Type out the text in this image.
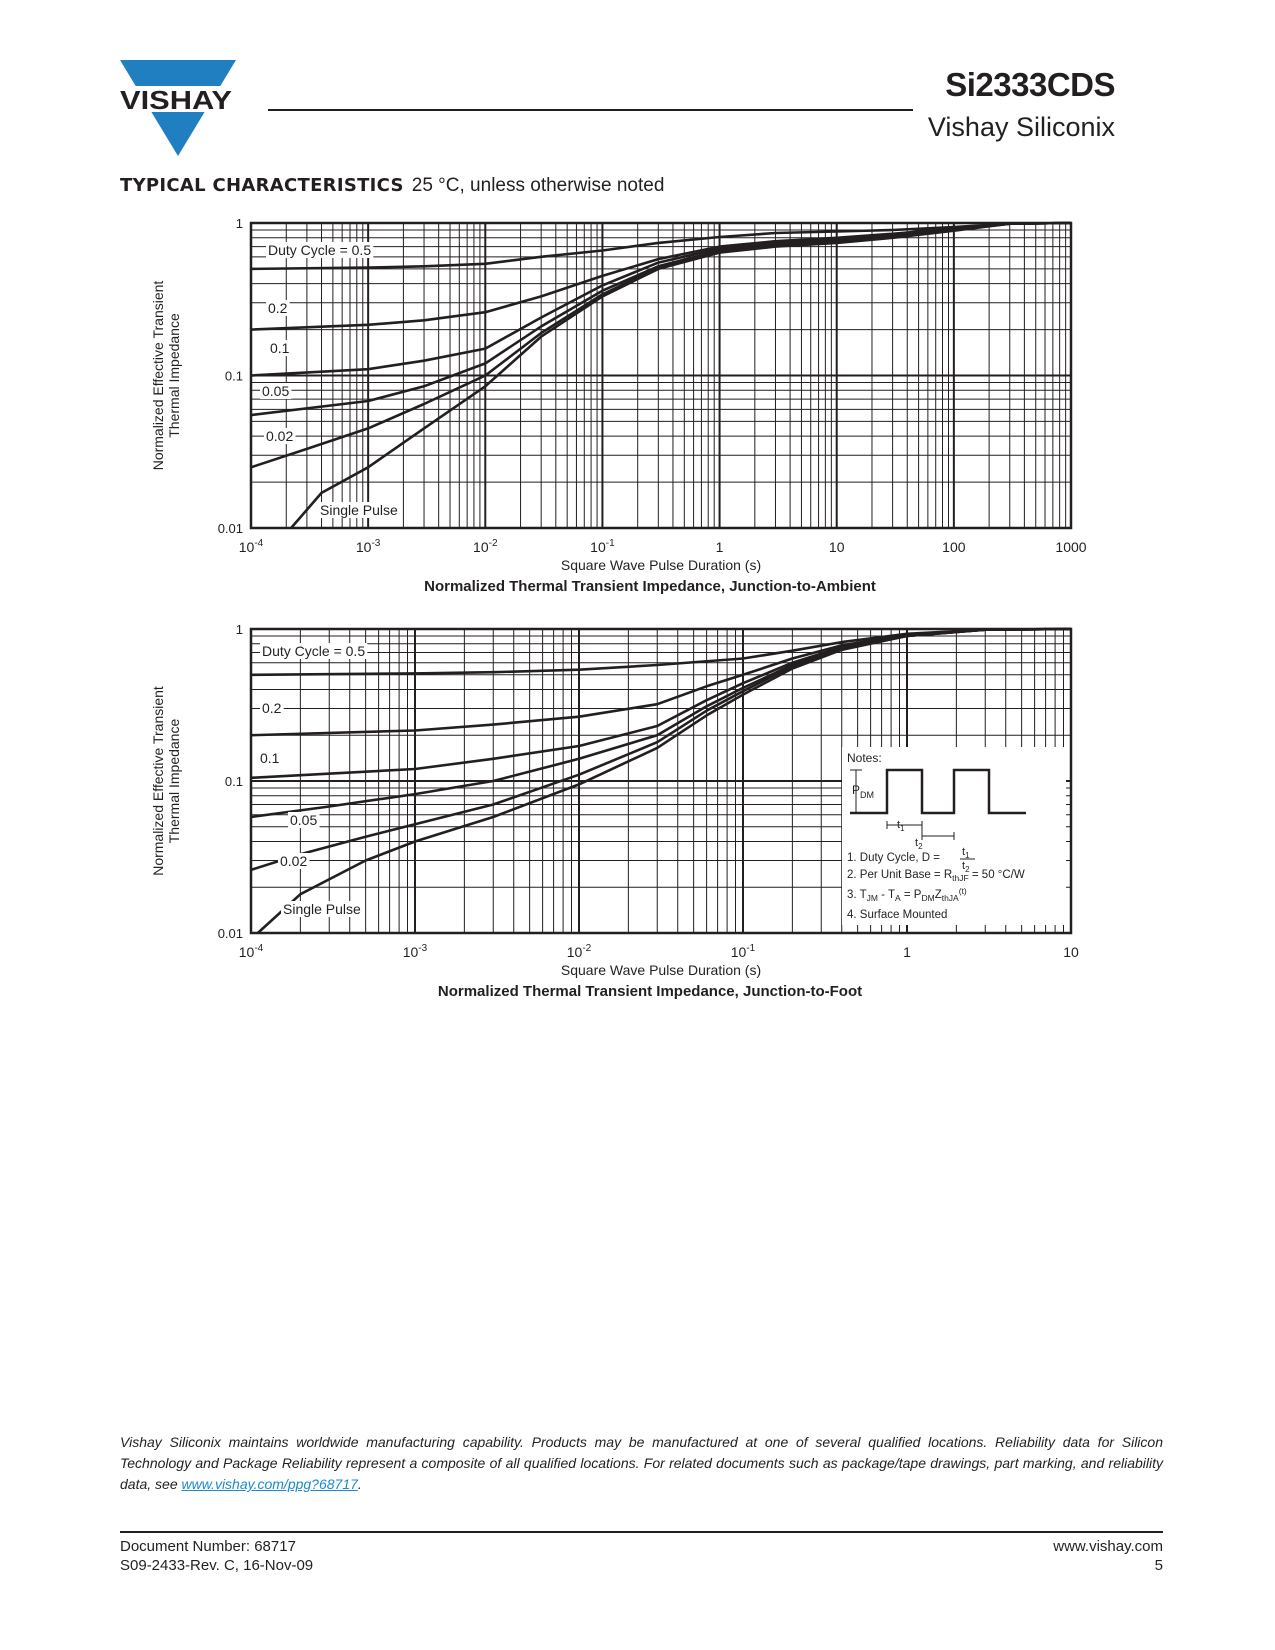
VISHAY	Si2333CDS
Vishay Siliconix
TYPICAL CHARACTERISTICS 25 °C, unless otherwise noted
Duty Cycle = 0.5
0.2
0.1
0.05
0.02
Single Pulse
$10^{-4}$	$10^{-3}$	$10^{-2}$	$10^{-1}$	1	10	100	1000
0.01
0.1
1
Square Wave Pulse Duration (s)
Normalized Effective Transient Thermal Impedance
Normalized Thermal Transient Impedance, Junction-to-Ambient
Notes:
$P_{DM}$
$t_1$
$t_2$
1. Duty Cycle, D =
2. Per Unit Base = $R_{thJF} = 50$ °C/W
3. $T_{JM} - T_A = P_{DM}Z_{thJA}^{(t)}$
4. Surface Mounted
$t_1$
$t_2$
Duty Cycle = 0.5
0.2
0.1
0.05
0.02
Single Pulse
$10^{-4}$	$10^{-3}$	$10^{-2}$	$10^{-1}$	1	10
0.01
0.1
1
Square Wave Pulse Duration (s)
Normalized Effective Transient Thermal Impedance
Normalized Thermal Transient Impedance, Junction-to-Foot
Vishay Siliconix maintains worldwide manufacturing capability. Products may be manufactured at one of several qualified locations. Reliability data for Silicon Technology and Package Reliability represent a composite of all qualified locations. For related documents such as package/tape drawings, part marking, and reliability data, see www.vishay.com/ppg?68717.
Document Number: 68717
S09-2433-Rev. C, 16-Nov-09
www.vishay.com
5
